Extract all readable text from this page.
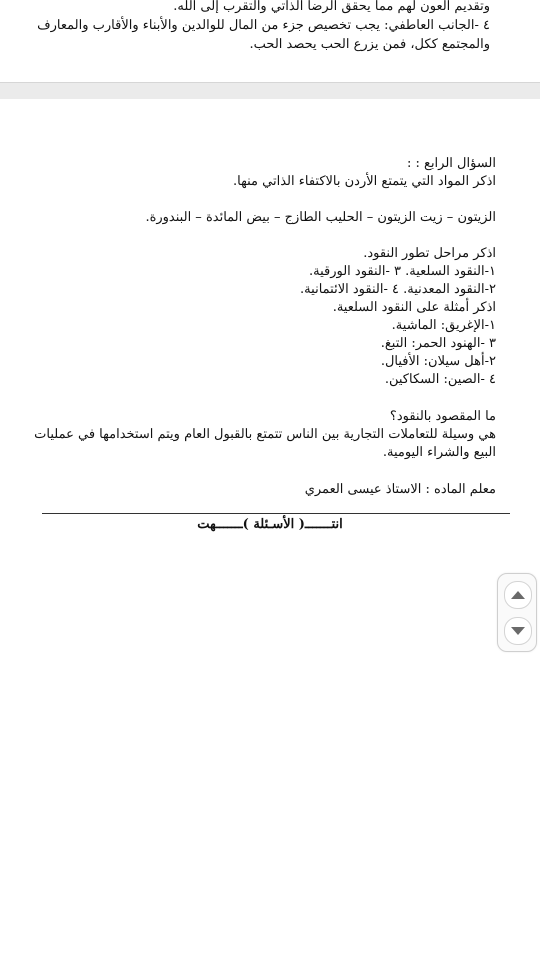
وتقديم العون لهم مما يحقق الرضا الذاتي والتقرب إلى الله.
٤ -الجانب العاطفي: يجب تخصيص جزء من المال للوالدين والأبناء والأقارب والمعارف
والمجتمع ككل، فمن يزرع الحب يحصد الحب.
السؤال الرابع : :
اذكر المواد التي يتمتع الأردن بالاكتفاء الذاتي منها.
الزيتون – زيت الزيتون – الحليب الطازج – بيض المائدة – البندورة.
اذكر مراحل تطور النقود.
١-النقود السلعية. ٣ -النقود الورقية.
٢-النقود المعدنية. ٤ -النقود الائتمانية.
اذكر أمثلة على النقود السلعية.
١-الإغريق: الماشية.
٣ -الهنود الحمر: التبغ.
٢-أهل سيلان: الأفيال.
٤ -الصين: السكاكين.
ما المقصود بالنقود؟
هي وسيلة للتعاملات التجارية بين الناس تتمتع بالقبول العام ويتم استخدامها في عمليات
البيع والشراء اليومية.
معلم الماده : الاستاذ عيسى العمري
انتـــــــ( الأسـئلة )ـــــــهت
